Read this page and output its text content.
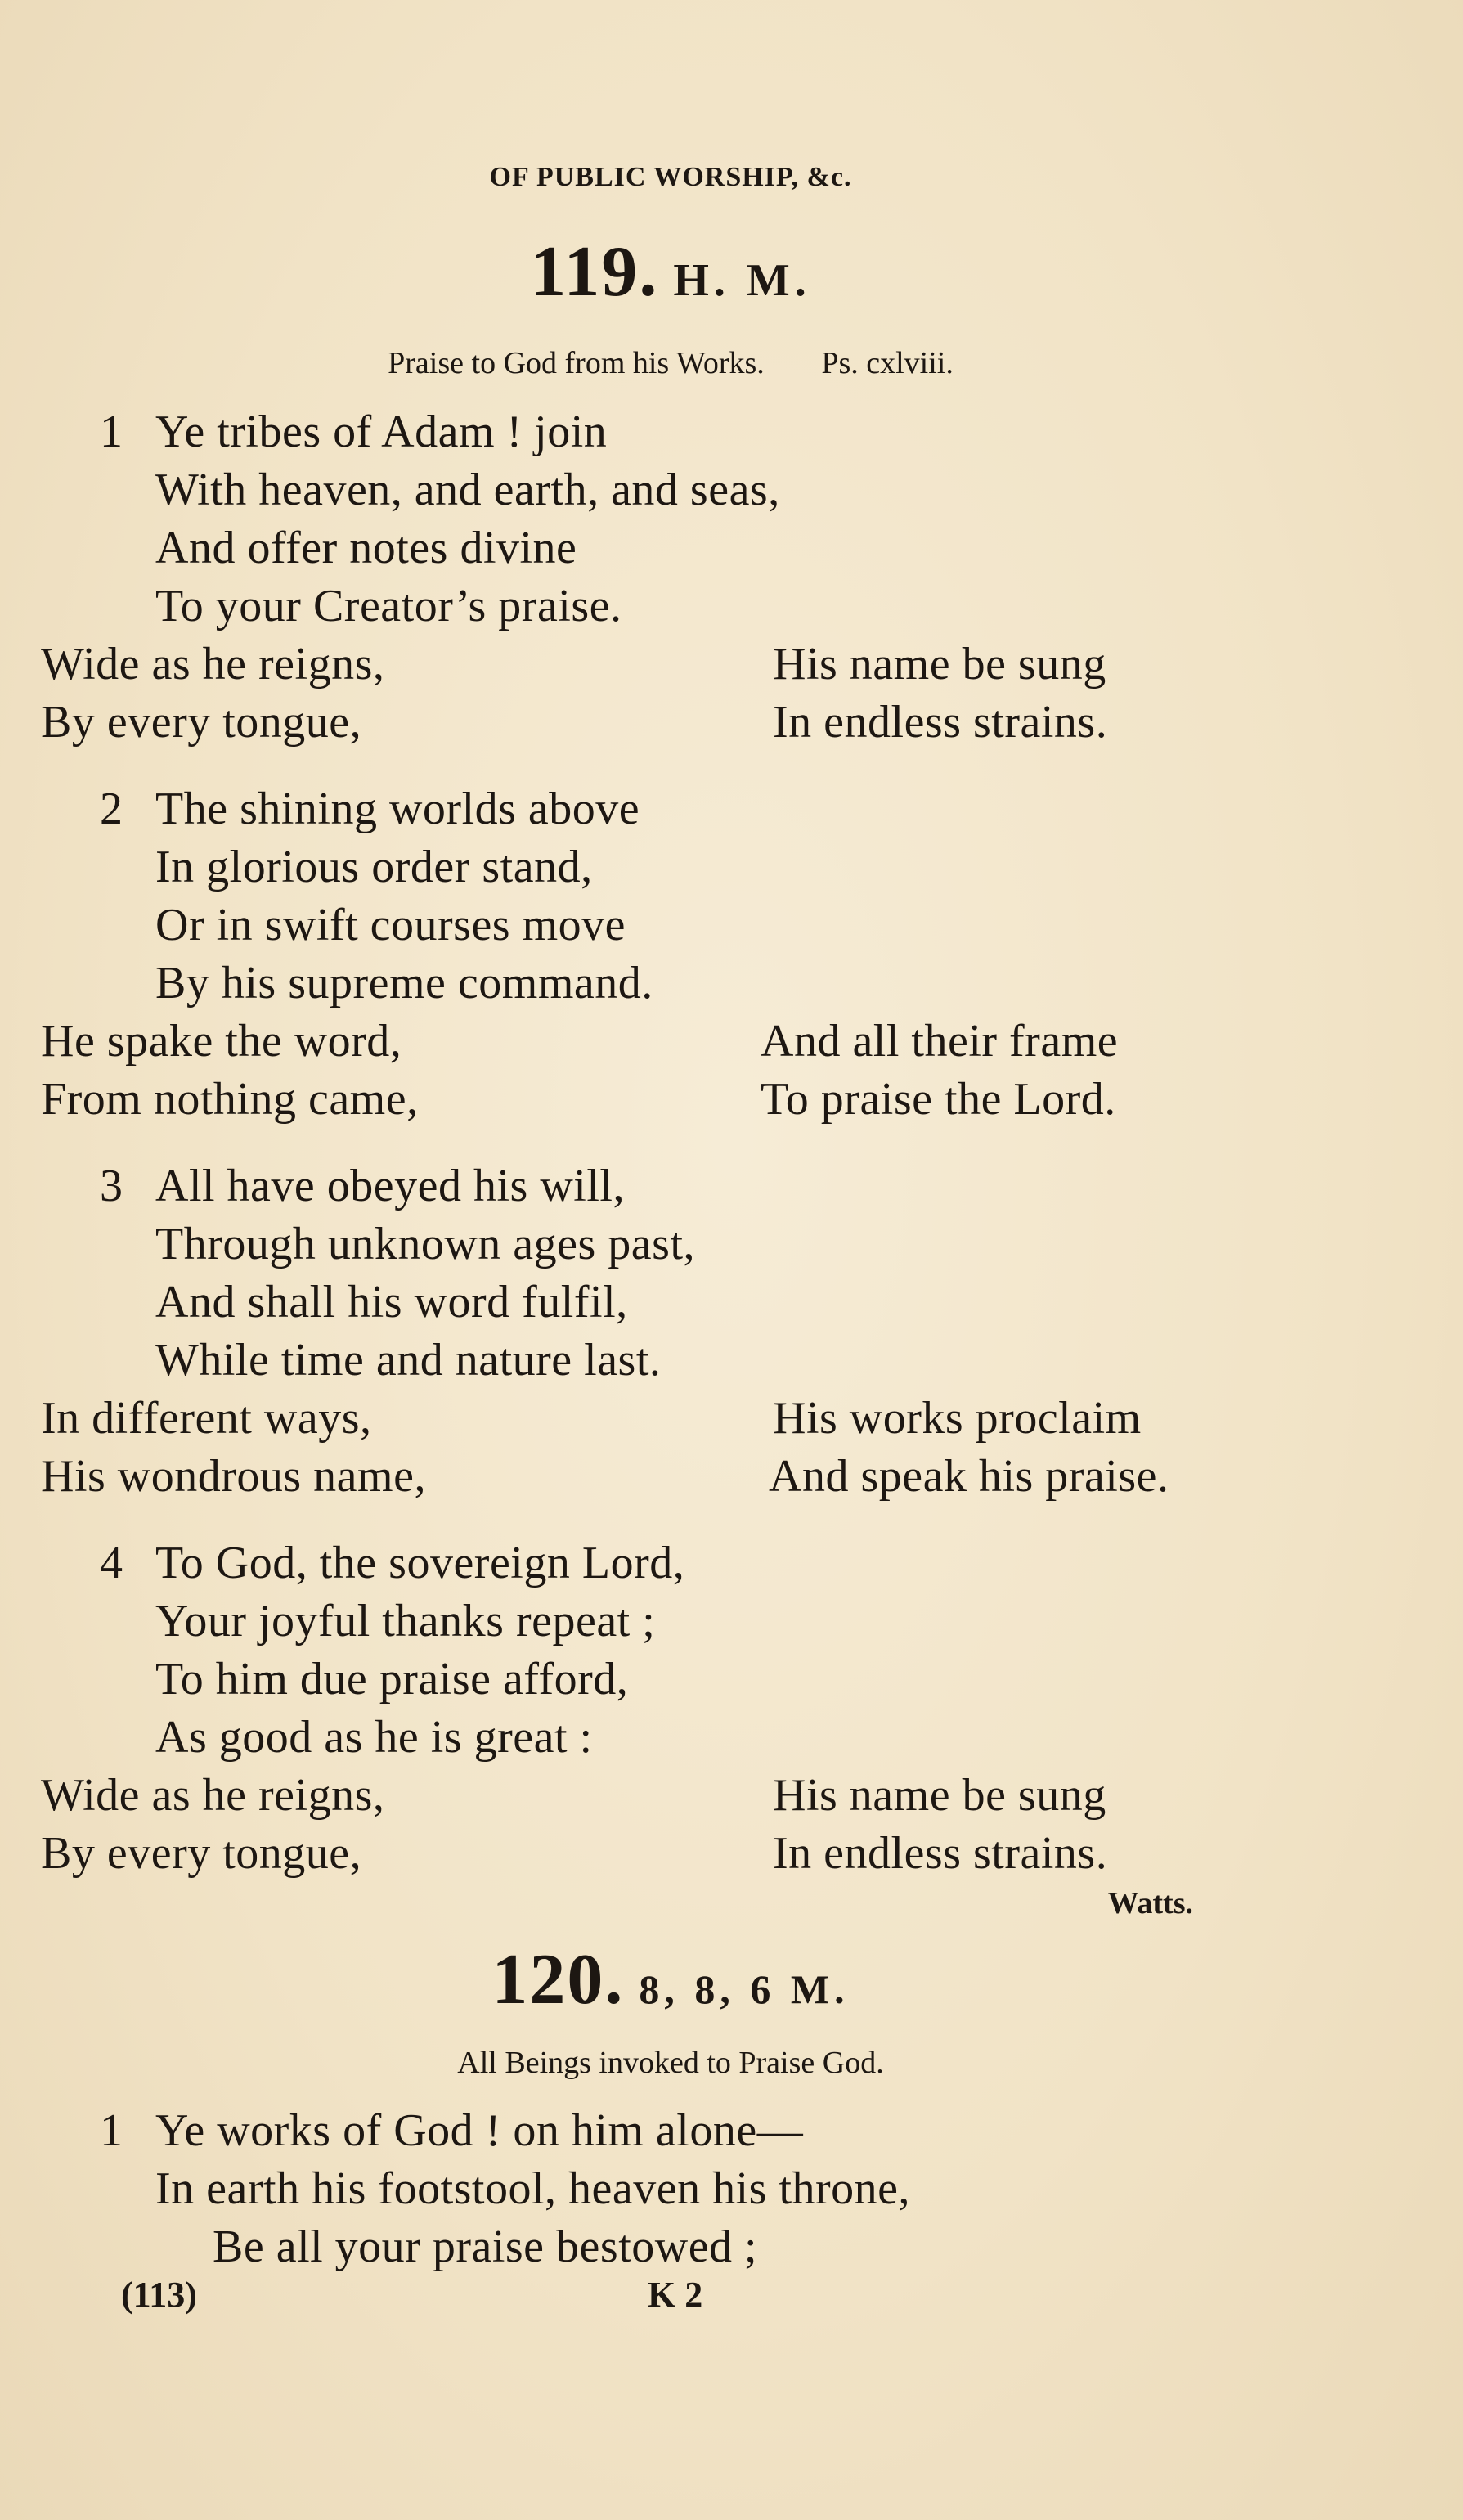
OF PUBLIC WORSHIP, &c.
119. H. M.
Praise to God from his Works. Ps. cxlviii.
1 Ye tribes of Adam ! join
With heaven, and earth, and seas,
And offer notes divine
To your Creator’s praise.
Wide as he reigns,	His name be sung
By every tongue,	In endless strains.
2 The shining worlds above
In glorious order stand,
Or in swift courses move
By his supreme command.
He spake the word,	And all their frame
From nothing came,	To praise the Lord.
3 All have obeyed his will,
Through unknown ages past,
And shall his word fulfil,
While time and nature last.
In different ways,	His works proclaim
His wondrous name,	And speak his praise.
4 To God, the sovereign Lord,
Your joyful thanks repeat ;
To him due praise afford,
As good as he is great :
Wide as he reigns,	His name be sung
By every tongue,	In endless strains.
Watts.
120. 8, 8, 6 M.
All Beings invoked to Praise God.
1 Ye works of God ! on him alone—
In earth his footstool, heaven his throne,
Be all your praise bestowed ;
(113)	K 2
